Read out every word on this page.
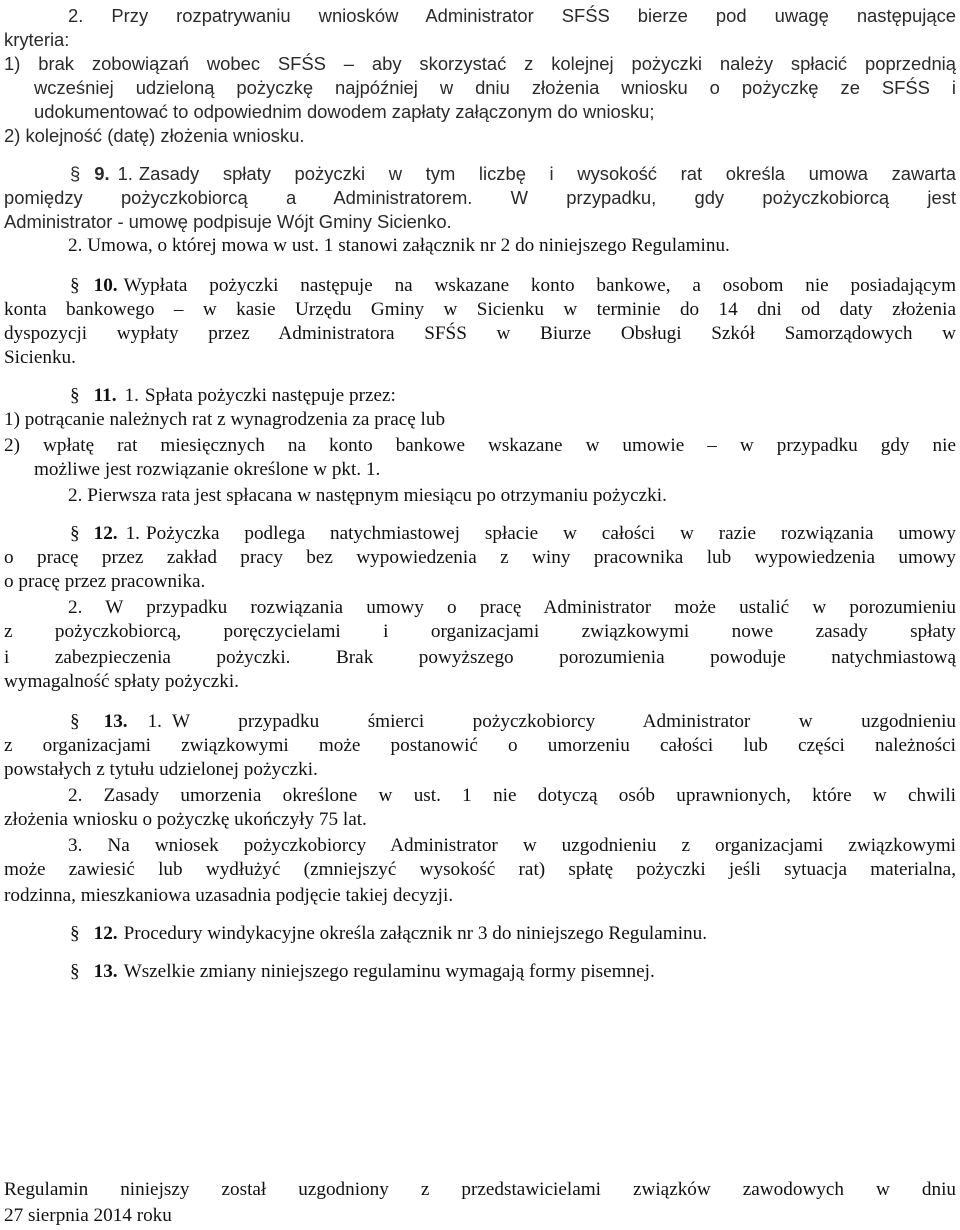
2. Przy rozpatrywaniu wniosków Administrator SFŚS bierze pod uwagę następujące
kryteria:
1) brak zobowiązań wobec SFŚS – aby skorzystać z kolejnej pożyczki należy spłacić poprzednią
wcześniej udzieloną pożyczkę najpóźniej w dniu złożenia wniosku o pożyczkę ze SFŚS i
udokumentować to odpowiednim dowodem zapłaty załączonym do wniosku;
2) kolejność (datę) złożenia wniosku.
§ 9. 1. Zasady spłaty pożyczki w tym liczbę i wysokość rat określa umowa zawarta
pomiędzy pożyczkobiorcą a Administratorem. W przypadku, gdy pożyczkobiorcą jest
Administrator - umowę podpisuje Wójt Gminy Sicienko.
2. Umowa, o której mowa w ust. 1 stanowi załącznik nr 2 do niniejszego Regulaminu.
§ 10. Wypłata pożyczki następuje na wskazane konto bankowe, a osobom nie posiadającym
konta bankowego – w kasie Urzędu Gminy w Sicienku w terminie do 14 dni od daty złożenia
dyspozycji wypłaty przez Administratora SFŚS w Biurze Obsługi Szkół Samorządowych w
Sicienku.
§ 11. 1. Spłata pożyczki następuje przez:
1) potrącanie należnych rat z wynagrodzenia za pracę lub
2) wpłatę rat miesięcznych na konto bankowe wskazane w umowie – w przypadku gdy nie
możliwe jest rozwiązanie określone w pkt. 1.
2. Pierwsza rata jest spłacana w następnym miesiącu po otrzymaniu pożyczki.
§ 12. 1. Pożyczka podlega natychmiastowej spłacie w całości w razie rozwiązania umowy
o pracę przez zakład pracy bez wypowiedzenia z winy pracownika lub wypowiedzenia umowy
o pracę przez pracownika.
2. W przypadku rozwiązania umowy o pracę Administrator może ustalić w porozumieniu
z pożyczkobiorcą, poręczycielami i organizacjami związkowymi nowe zasady spłaty
i zabezpieczenia pożyczki. Brak powyższego porozumienia powoduje natychmiastową
wymagalność spłaty pożyczki.
§ 13. 1. W przypadku śmierci pożyczkobiorcy Administrator w uzgodnieniu
z organizacjami związkowymi może postanowić o umorzeniu całości lub części należności
powstałych z tytułu udzielonej pożyczki.
2. Zasady umorzenia określone w ust. 1 nie dotyczą osób uprawnionych, które w chwili
złożenia wniosku o pożyczkę ukończyły 75 lat.
3. Na wniosek pożyczkobiorcy Administrator w uzgodnieniu z organizacjami związkowymi
może zawiesić lub wydłużyć (zmniejszyć wysokość rat) spłatę pożyczki jeśli sytuacja materialna,
rodzinna, mieszkaniowa uzasadnia podjęcie takiej decyzji.
§ 12. Procedury windykacyjne określa załącznik nr 3 do niniejszego Regulaminu.
§ 13. Wszelkie zmiany niniejszego regulaminu wymagają formy pisemnej.
Regulamin niniejszy został uzgodniony z przedstawicielami związków zawodowych w dniu
27 sierpnia 2014 roku
